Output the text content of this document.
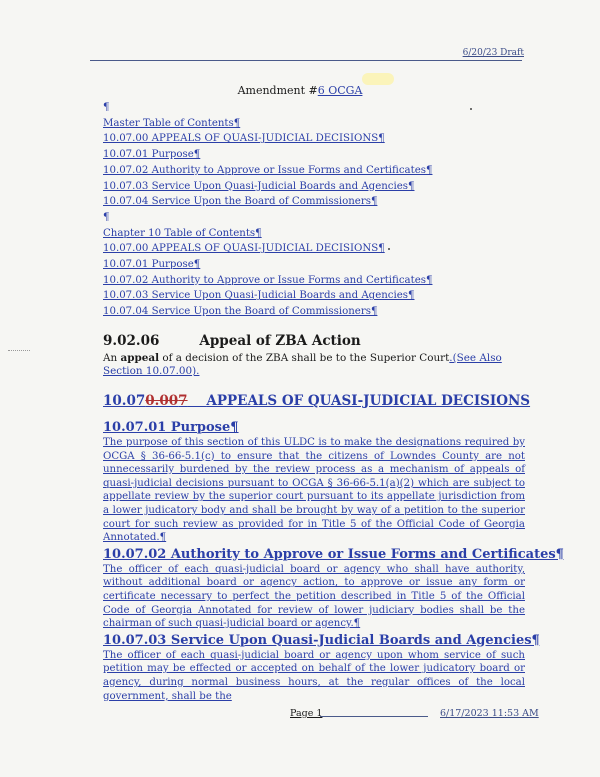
6/20/23 Draft
Amendment #6 OCGA
¶
Master Table of Contents¶
10.07.00 APPEALS OF QUASI-JUDICIAL DECISIONS¶
10.07.01 Purpose¶
10.07.02 Authority to Approve or Issue Forms and Certificates¶
10.07.03 Service Upon Quasi-Judicial Boards and Agencies¶
10.07.04 Service Upon the Board of Commissioners¶
¶
Chapter 10 Table of Contents¶
10.07.00 APPEALS OF QUASI-JUDICIAL DECISIONS¶
10.07.01 Purpose¶
10.07.02 Authority to Approve or Issue Forms and Certificates¶
10.07.03 Service Upon Quasi-Judicial Boards and Agencies¶
10.07.04 Service Upon the Board of Commissioners¶
9.02.06	Appeal of ZBA Action

An appeal of a decision of the ZBA shall be to the Superior Court.(See Also Section 10.07.00).

10.070.007 APPEALS OF QUASI-JUDICIAL DECISIONS
10.07.01 Purpose¶

The purpose of this section of this ULDC is to make the designations required by OCGA § 36-66-5.1(c) to ensure that the citizens of Lowndes County are not unnecessarily burdened by the review process as a mechanism of appeals of quasi-judicial decisions pursuant to OCGA § 36-66-5.1(a)(2) which are subject to appellate review by the superior court pursuant to its appellate jurisdiction from a lower judicatory body and shall be brought by way of a petition to the superior court for such review as provided for in Title 5 of the Official Code of Georgia Annotated.¶

10.07.02 Authority to Approve or Issue Forms and Certificates¶

The officer of each quasi-judicial board or agency who shall have authority, without additional board or agency action, to approve or issue any form or certificate necessary to perfect the petition described in Title 5 of the Official Code of Georgia Annotated for review of lower judiciary bodies shall be the chairman of such quasi-judicial board or agency.¶

10.07.03 Service Upon Quasi-Judicial Boards and Agencies¶

The officer of each quasi-judicial board or agency upon whom service of such petition may be effected or accepted on behalf of the lower judicatory board or agency, during normal business hours, at the regular offices of the local government, shall be the

Page 1	6/17/2023 11:53 AM
